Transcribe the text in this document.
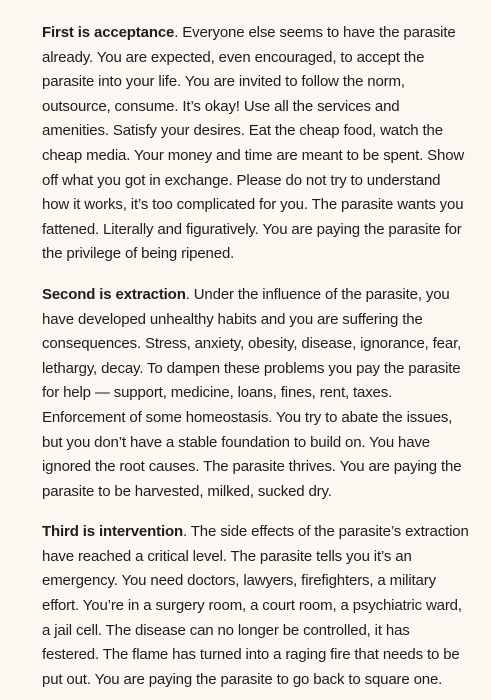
First is acceptance. Everyone else seems to have the parasite already. You are expected, even encouraged, to accept the parasite into your life. You are invited to follow the norm, outsource, consume. It’s okay! Use all the services and amenities. Satisfy your desires. Eat the cheap food, watch the cheap media. Your money and time are meant to be spent. Show off what you got in exchange. Please do not try to understand how it works, it’s too complicated for you. The parasite wants you fattened. Literally and figuratively. You are paying the parasite for the privilege of being ripened.

Second is extraction. Under the influence of the parasite, you have developed unhealthy habits and you are suffering the consequences. Stress, anxiety, obesity, disease, ignorance, fear, lethargy, decay. To dampen these problems you pay the parasite for help — support, medicine, loans, fines, rent, taxes. Enforcement of some homeostasis. You try to abate the issues, but you don’t have a stable foundation to build on. You have ignored the root causes. The parasite thrives. You are paying the parasite to be harvested, milked, sucked dry.

Third is intervention. The side effects of the parasite’s extraction have reached a critical level. The parasite tells you it’s an emergency. You need doctors, lawyers, firefighters, a military effort. You’re in a surgery room, a court room, a psychiatric ward, a jail cell. The disease can no longer be controlled, it has festered. The flame has turned into a raging fire that needs to be put out. You are paying the parasite to go back to square one.
